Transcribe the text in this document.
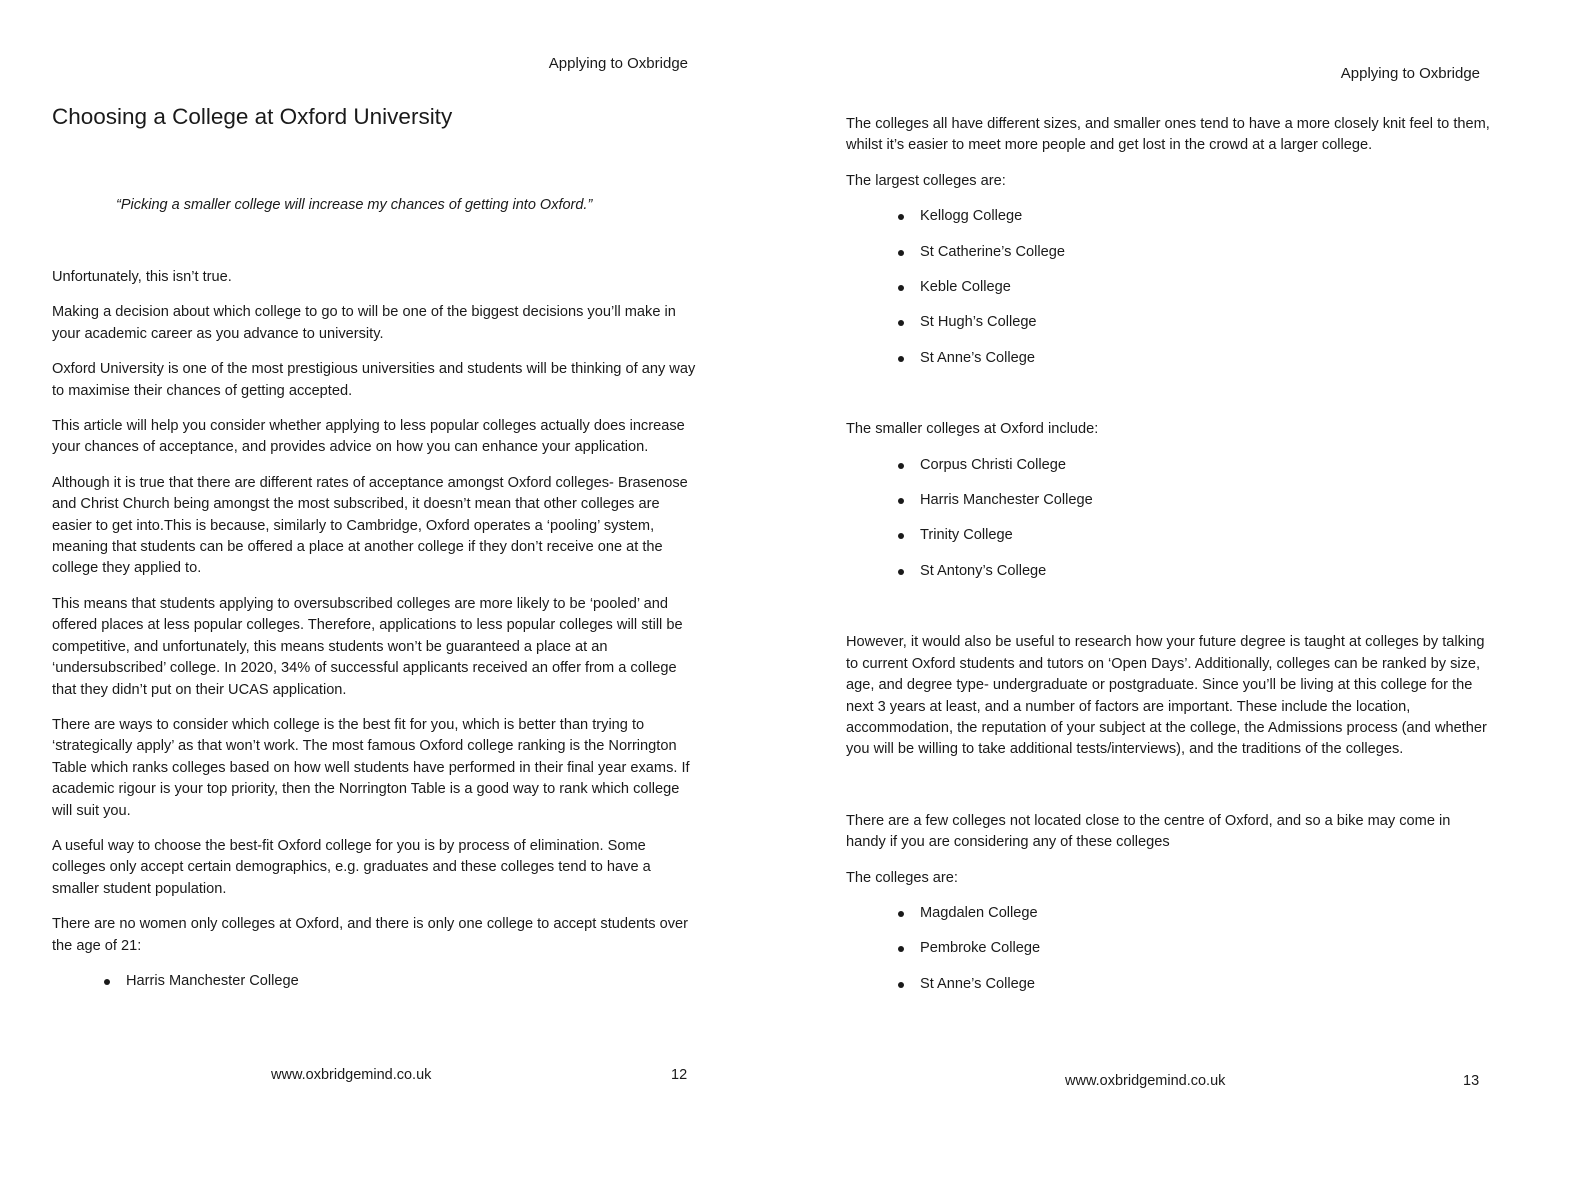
Applying to Oxbridge
Choosing a College at Oxford University
“Picking a smaller college will increase my chances of getting into Oxford.”

Unfortunately, this isn’t true.

Making a decision about which college to go to will be one of the biggest decisions you’ll make in your academic career as you advance to university.

Oxford University is one of the most prestigious universities and students will be thinking of any way to maximise their chances of getting accepted.

This article will help you consider whether applying to less popular colleges actually does increase your chances of acceptance, and provides advice on how you can enhance your application.

Although it is true that there are different rates of acceptance amongst Oxford colleges- Brasenose and Christ Church being amongst the most subscribed, it doesn’t mean that other colleges are easier to get into.This is because, similarly to Cambridge, Oxford operates a ‘pooling’ system, meaning that students can be offered a place at another college if they don’t receive one at the college they applied to.

This means that students applying to oversubscribed colleges are more likely to be ‘pooled’ and offered places at less popular colleges. Therefore, applications to less popular colleges will still be competitive, and unfortunately, this means students won’t be guaranteed a place at an ‘undersubscribed’ college. In 2020, 34% of successful applicants received an offer from a college that they didn’t put on their UCAS application.

There are ways to consider which college is the best fit for you, which is better than trying to ‘strategically apply’ as that won’t work. The most famous Oxford college ranking is the Norrington Table which ranks colleges based on how well students have performed in their final year exams. If academic rigour is your top priority, then the Norrington Table is a good way to rank which college will suit you.

A useful way to choose the best-fit Oxford college for you is by process of elimination. Some colleges only accept certain demographics, e.g. graduates and these colleges tend to have a smaller student population.

There are no women only colleges at Oxford, and there is only one college to accept students over the age of 21:

Harris Manchester College
www.oxbridgemind.co.uk	12
Applying to Oxbridge

The colleges all have different sizes, and smaller ones tend to have a more closely knit feel to them, whilst it’s easier to meet more people and get lost in the crowd at a larger college.

The largest colleges are:

Kellogg College
St Catherine’s College
Keble College
St Hugh’s College
St Anne’s College

The smaller colleges at Oxford include:

Corpus Christi College
Harris Manchester College
Trinity College
St Antony’s College

However, it would also be useful to research how your future degree is taught at colleges by talking to current Oxford students and tutors on ‘Open Days’. Additionally, colleges can be ranked by size, age, and degree type- undergraduate or postgraduate. Since you’ll be living at this college for the next 3 years at least, and a number of factors are important. These include the location, accommodation, the reputation of your subject at the college, the Admissions process (and whether you will be willing to take additional tests/interviews), and the traditions of the colleges.

There are a few colleges not located close to the centre of Oxford, and so a bike may come in handy if you are considering any of these colleges

The colleges are:

Magdalen College
Pembroke College
St Anne’s College
www.oxbridgemind.co.uk	13
